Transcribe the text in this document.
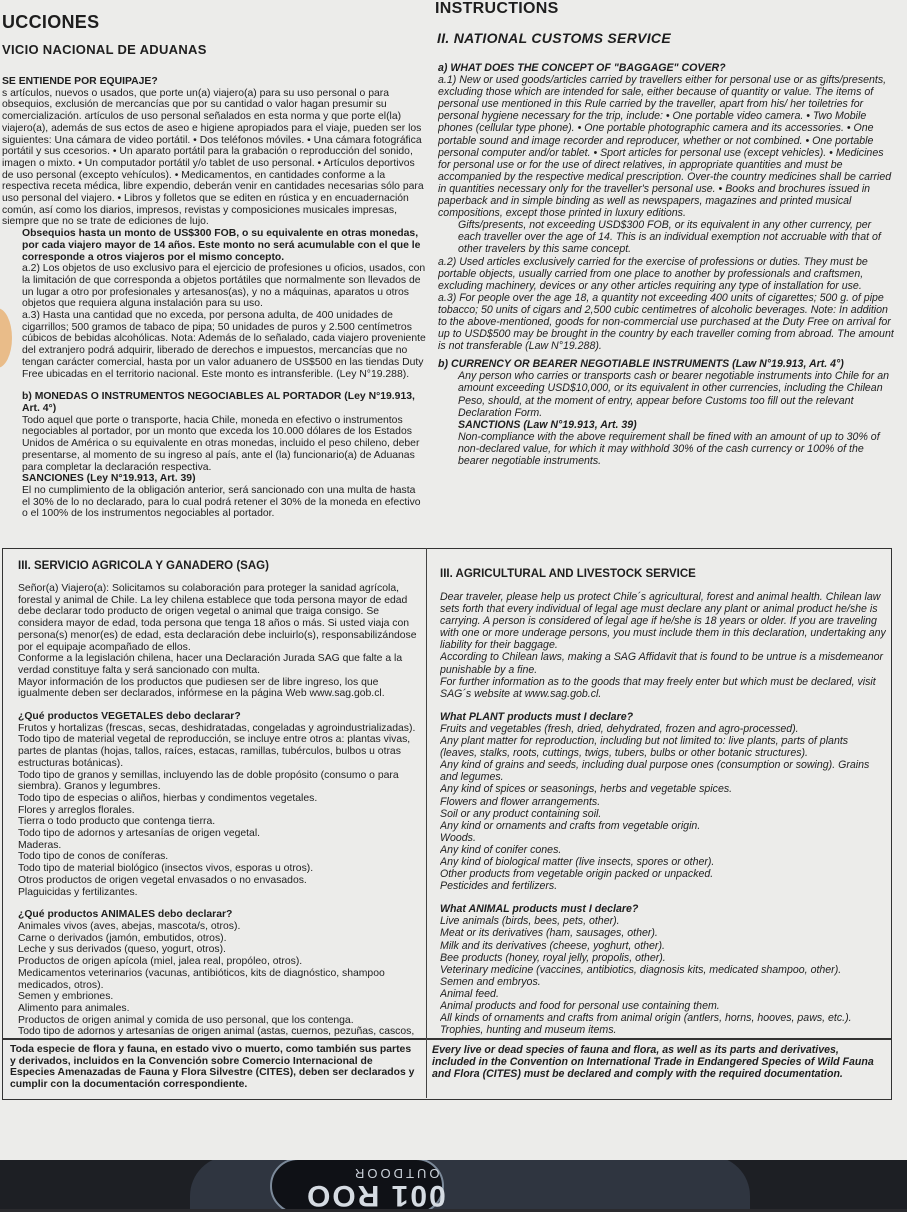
UCCIONES
INSTRUCTIONS
VICIO NACIONAL DE ADUANAS
II. NATIONAL CUSTOMS SERVICE

SE ENTIENDE POR EQUIPAJE?

s artículos, nuevos o usados, que porte un(a) viajero(a) para su uso personal o para obsequios, exclusión de mercancías que por su cantidad o valor hagan presumir su comercialización. artículos de uso personal señalados en esta norma y que porte el(la) viajero(a), además de sus ectos de aseo e higiene apropiados para el viaje, pueden ser los siguientes: Una cámara de video portátil. • Dos teléfonos móviles. • Una cámara fotográfica portátil y sus ccesorios. • Un aparato portátil para la grabación o reproducción del sonido, imagen o mixto. • Un computador portátil y/o tablet de uso personal. • Artículos deportivos de uso personal (excepto vehículos). • Medicamentos, en cantidades conforme a la respectiva receta médica, libre expendio, deberán venir en cantidades necesarias sólo para uso personal del viajero. • Libros y folletos que se editen en rústica y en encuadernación común, así como los diarios, impresos, revistas y composiciones musicales impresas, siempre que no se trate de ediciones de lujo.

Obsequios hasta un monto de US$300 FOB, o su equivalente en otras monedas, por cada viajero mayor de 14 años. Este monto no será acumulable con el que le corresponde a otros viajeros por el mismo concepto.

a.2) Los objetos de uso exclusivo para el ejercicio de profesiones u oficios, usados, con la limitación de que corresponda a objetos portátiles que normalmente son llevados de un lugar a otro por profesionales y artesanos(as), y no a máquinas, aparatos u otros objetos que requiera alguna instalación para su uso.

a.3) Hasta una cantidad que no exceda, por persona adulta, de 400 unidades de cigarrillos; 500 gramos de tabaco de pipa; 50 unidades de puros y 2.500 centímetros cúbicos de bebidas alcohólicas. Nota: Además de lo señalado, cada viajero proveniente del extranjero podrá adquirir, liberado de derechos e impuestos, mercancías que no tengan carácter comercial, hasta por un valor aduanero de US$500 en las tiendas Duty Free ubicadas en el territorio nacional. Este monto es intransferible. (Ley N°19.288).

b) MONEDAS O INSTRUMENTOS NEGOCIABLES AL PORTADOR (Ley N°19.913, Art. 4°)

Todo aquel que porte o transporte, hacia Chile, moneda en efectivo o instrumentos negociables al portador, por un monto que exceda los 10.000 dólares de los Estados Unidos de América o su equivalente en otras monedas, incluido el peso chileno, deber presentarse, al momento de su ingreso al país, ante el (la) funcionario(a) de Aduanas para completar la declaración respectiva.

SANCIONES (Ley N°19.913, Art. 39)

El no cumplimiento de la obligación anterior, será sancionado con una multa de hasta el 30% de lo no declarado, para lo cual podrá retener el 30% de la moneda en efectivo o el 100% de los instrumentos negociables al portador.

a) WHAT DOES THE CONCEPT OF "BAGGAGE" COVER?

a.1) New or used goods/articles carried by travellers either for personal use or as gifts/presents, excluding those which are intended for sale, either because of quantity or value. The items of personal use mentioned in this Rule carried by the traveller, apart from his/ her toiletries for personal hygiene necessary for the trip, include: • One portable video camera. • Two Mobile phones (cellular type phone). • One portable photographic camera and its accessories. • One portable sound and image recorder and reproducer, whether or not combined. • One portable personal computer and/or tablet. • Sport articles for personal use (except vehicles). • Medicines for personal use or for the use of direct relatives, in appropriate quantities and must be accompanied by the respective medical prescription. Over-the country medicines shall be carried in quantities necessary only for the traveller's personal use. • Books and brochures issued in paperback and in simple binding as well as newspapers, magazines and printed musical compositions, except those printed in luxury editions.

Gifts/presents, not exceeding USD$300 FOB, or its equivalent in any other currency, per each traveller over the age of 14. This is an individual exemption not accruable with that of other travelers by this same concept.

a.2) Used articles exclusively carried for the exercise of professions or duties. They must be portable objects, usually carried from one place to another by professionals and craftsmen, excluding machinery, devices or any other articles requiring any type of installation for use.

a.3) For people over the age 18, a quantity not exceeding 400 units of cigarettes; 500 g. of pipe tobacco; 50 units of cigars and 2,500 cubic centimetres of alcoholic beverages. Note: In addition to the above-mentioned, goods for non-commercial use purchased at the Duty Free on arrival for up to USD$500 may be brought in the country by each traveller coming from abroad. The amount is not transferable (Law N°19.288).

b) CURRENCY OR BEARER NEGOTIABLE INSTRUMENTS (Law N°19.913, Art. 4°)

Any person who carries or transports cash or bearer negotiable instruments into Chile for an amount exceeding USD$10,000, or its equivalent in other currencies, including the Chilean Peso, should, at the moment of entry, appear before Customs too fill out the relevant Declaration Form.

SANCTIONS (Law N°19.913, Art. 39)

Non-compliance with the above requirement shall be fined with an amount of up to 30% of non-declared value, for which it may withhold 30% of the cash currency or 100% of the bearer negotiable instruments.

III. SERVICIO AGRÍCOLA Y GANADERO (SAG)

Señor(a) Viajero(a): Solicitamos su colaboración para proteger la sanidad agrícola, forestal y animal de Chile. La ley chilena establece que toda persona mayor de edad debe declarar todo producto de origen vegetal o animal que traiga consigo. Se considera mayor de edad, toda persona que tenga 18 años o más. Si usted viaja con persona(s) menor(es) de edad, esta declaración debe incluirlo(s), responsabilizándose por el equipaje acompañado de ellos.

Conforme a la legislación chilena, hacer una Declaración Jurada SAG que falte a la verdad constituye falta y será sancionado con multa.

Mayor información de los productos que pudiesen ser de libre ingreso, los que igualmente deben ser declarados, infórmese en la página Web www.sag.gob.cl.

¿Qué productos VEGETALES debo declarar?

Frutos y hortalizas (frescas, secas, deshidratadas, congeladas y agroindustrializadas).

Todo tipo de material vegetal de reproducción, se incluye entre otros a: plantas vivas, partes de plantas (hojas, tallos, raíces, estacas, ramillas, tubérculos, bulbos u otras estructuras botánicas).

Todo tipo de granos y semillas, incluyendo las de doble propósito (consumo o para siembra). Granos y legumbres.

Todo tipo de especias o aliños, hierbas y condimentos vegetales.

Flores y arreglos florales.

Tierra o todo producto que contenga tierra.

Todo tipo de adornos y artesanías de origen vegetal.

Maderas.

Todo tipo de conos de coníferas.

Todo tipo de material biológico (insectos vivos, esporas u otros).

Otros productos de origen vegetal envasados o no envasados.

Plaguicidas y fertilizantes.

¿Qué productos ANIMALES debo declarar?

Animales vivos (aves, abejas, mascota/s, otros).

Carne o derivados (jamón, embutidos, otros).

Leche y sus derivados (queso, yogurt, otros).

Productos de origen apícola (miel, jalea real, propóleo, otros).

Medicamentos veterinarios (vacunas, antibióticos, kits de diagnóstico, shampoo medicados, otros).

Semen y embriones.

Alimento para animales.

Productos de origen animal y comida de uso personal, que los contenga.

Todo tipo de adornos y artesanías de origen animal (astas, cuernos, pezuñas, cascos,

III. AGRICULTURAL AND LIVESTOCK SERVICE

Dear traveler, please help us protect Chile´s agricultural, forest and animal health. Chilean law sets forth that every individual of legal age must declare any plant or animal product he/she is carrying. A person is considered of legal age if he/she is 18 years or older. If you are traveling with one or more underage persons, you must include them in this declaration, undertaking any liability for their baggage.

According to Chilean laws, making a SAG Affidavit that is found to be untrue is a misdemeanor punishable by a fine.

For further information as to the goods that may freely enter but which must be declared, visit SAG´s website at www.sag.gob.cl.

What PLANT products must I declare?

Fruits and vegetables (fresh, dried, dehydrated, frozen and agro-processed).

Any plant matter for reproduction, including but not limited to: live plants, parts of plants (leaves, stalks, roots, cuttings, twigs, tubers, bulbs or other botanic structures).

Any kind of grains and seeds, including dual purpose ones (consumption or sowing). Grains and legumes.

Any kind of spices or seasonings, herbs and vegetable spices.

Flowers and flower arrangements.

Soil or any product containing soil.

Any kind or ornaments and crafts from vegetable origin.

Woods.

Any kind of conifer cones.

Any kind of biological matter (live insects, spores or other).

Other products from vegetable origin packed or unpacked.

Pesticides and fertilizers.

What ANIMAL products must I declare?

Live animals (birds, bees, pets, other).

Meat or its derivatives (ham, sausages, other).

Milk and its derivatives (cheese, yoghurt, other).

Bee products (honey, royal jelly, propolis, other).

Veterinary medicine (vaccines, antibiotics, diagnosis kits, medicated shampoo, other).

Semen and embryos.

Animal feed.

Animal products and food for personal use containing them.

All kinds of ornaments and crafts from animal origin (antlers, horns, hooves, paws, etc.).

Trophies, hunting and museum items.

Toda especie de flora y fauna, en estado vivo o muerto, como también sus partes y derivados, incluidos en la Convención sobre Comercio Internacional de Especies Amenazadas de Fauna y Flora Silvestre (CITES), deben ser declarados y cumplir con la documentación correspondiente.

Every live or dead species of fauna and flora, as well as its parts and derivatives, included in the Convention on International Trade in Endangered Species of Wild Fauna and Flora (CITES) must be declared and comply with the required documentation.

OUTDOOR
001 ROO
